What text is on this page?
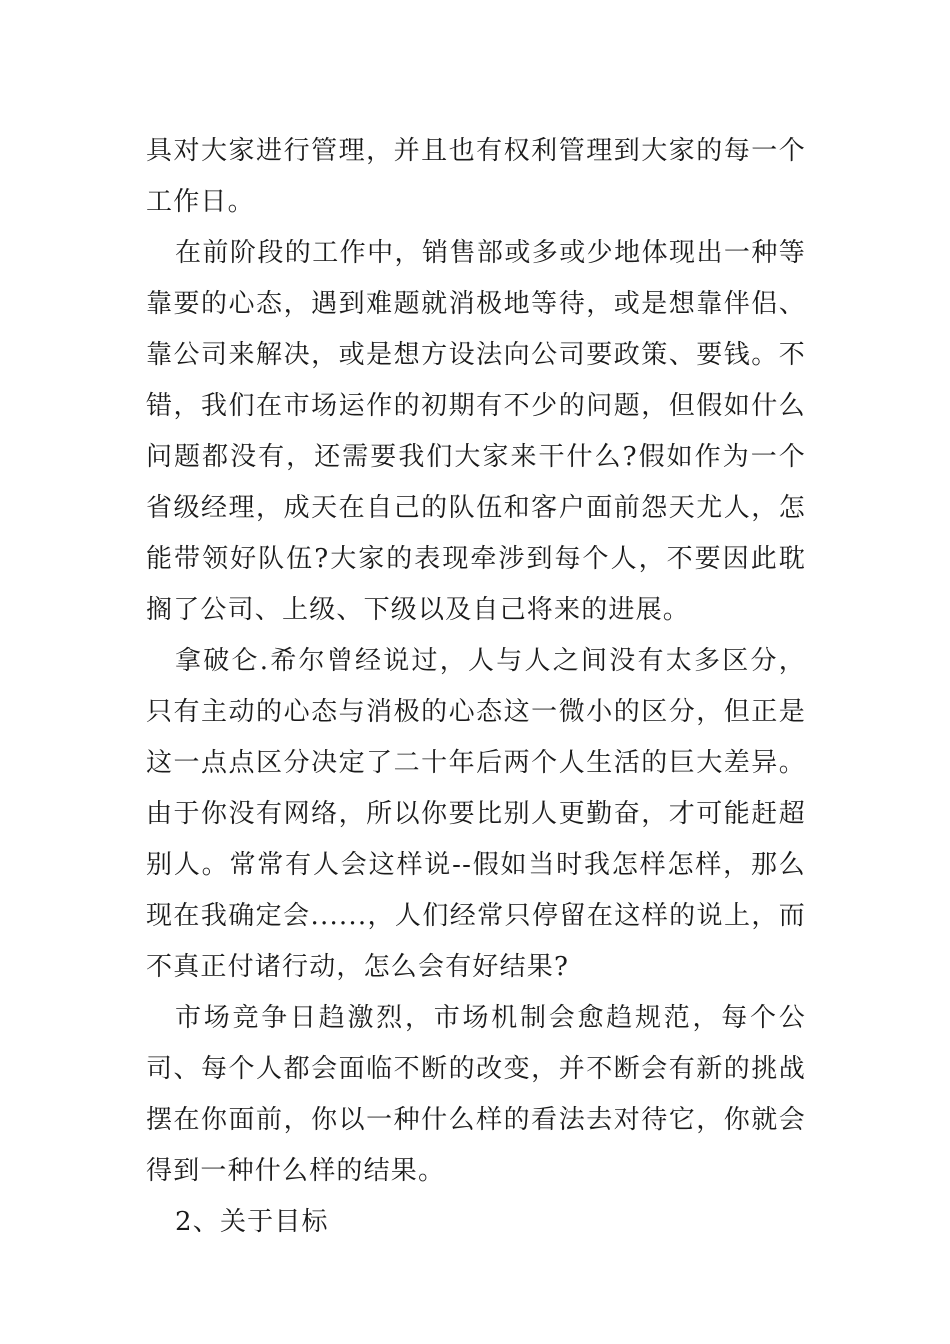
具对大家进行管理，并且也有权利管理到大家的每一个工作日。

在前阶段的工作中，销售部或多或少地体现出一种等靠要的心态，遇到难题就消极地等待，或是想靠伴侣、靠公司来解决，或是想方设法向公司要政策、要钱。不错，我们在市场运作的初期有不少的问题，但假如什么问题都没有，还需要我们大家来干什么?假如作为一个省级经理，成天在自己的队伍和客户面前怨天尤人，怎能带领好队伍?大家的表现牵涉到每个人，不要因此耽搁了公司、上级、下级以及自己将来的进展。

拿破仑.希尔曾经说过，人与人之间没有太多区分，只有主动的心态与消极的心态这一微小的区分，但正是这一点点区分决定了二十年后两个人生活的巨大差异。由于你没有网络，所以你要比别人更勤奋，才可能赶超别人。常常有人会这样说--假如当时我怎样怎样，那么现在我确定会......，人们经常只停留在这样的说上，而不真正付诸行动，怎么会有好结果?

市场竞争日趋激烈，市场机制会愈趋规范，每个公司、每个人都会面临不断的改变，并不断会有新的挑战摆在你面前，你以一种什么样的看法去对待它，你就会得到一种什么样的结果。

2、关于目标
